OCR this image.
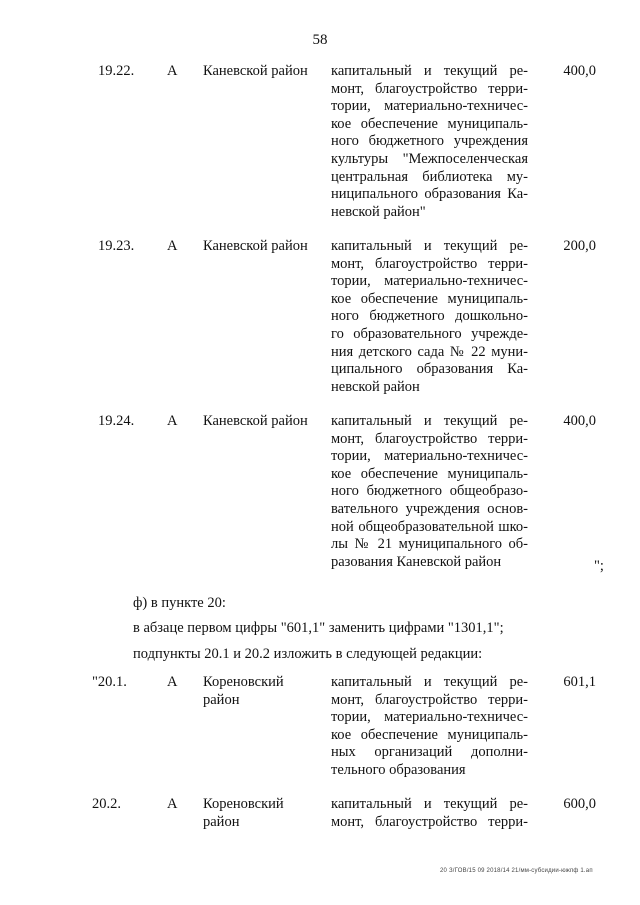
58
19.22. А Каневской район	капитальный и текущий ре-
монт, благоустройство терри-
тории, материально-техничес-
кое обеспечение муниципаль-
ного бюджетного учреждения
культуры "Межпоселенческая
центральная библиотека му-
ниципального образования Ка-
невской район"
400,0
19.23. А Каневской район	капитальный и текущий ре-
монт, благоустройство терри-
тории, материально-техничес-
кое обеспечение муниципаль-
ного бюджетного дошкольно-
го образовательного учрежде-
ния детского сада № 22 муни-
ципального образования Ка-
невской район
200,0
19.24. А Каневской район	капитальный и текущий ре-
монт, благоустройство терри-
тории, материально-техничес-
кое обеспечение муниципаль-
ного бюджетного общеобразо-
вательного учреждения основ-
ной общеобразовательной шко-
лы № 21 муниципального об-
разования Каневской район
400,0
";
ф) в пункте 20:
в абзаце первом цифры "601,1" заменить цифрами "1301,1";
подпункты 20.1 и 20.2 изложить в следующей редакции:
"20.1.	А Кореновский
район
капитальный и текущий ре-
монт, благоустройство терри-
тории, материально-техничес-
кое обеспечение муниципаль-
ных организаций дополни-
тельного образования
601,1
20.2.	А Кореновский
район
капитальный и текущий ре-
монт, благоустройство терри-
600,0
20 З/ГОВ/15 09 2018/14 21/мм-субсидии-южпф 1.ап
